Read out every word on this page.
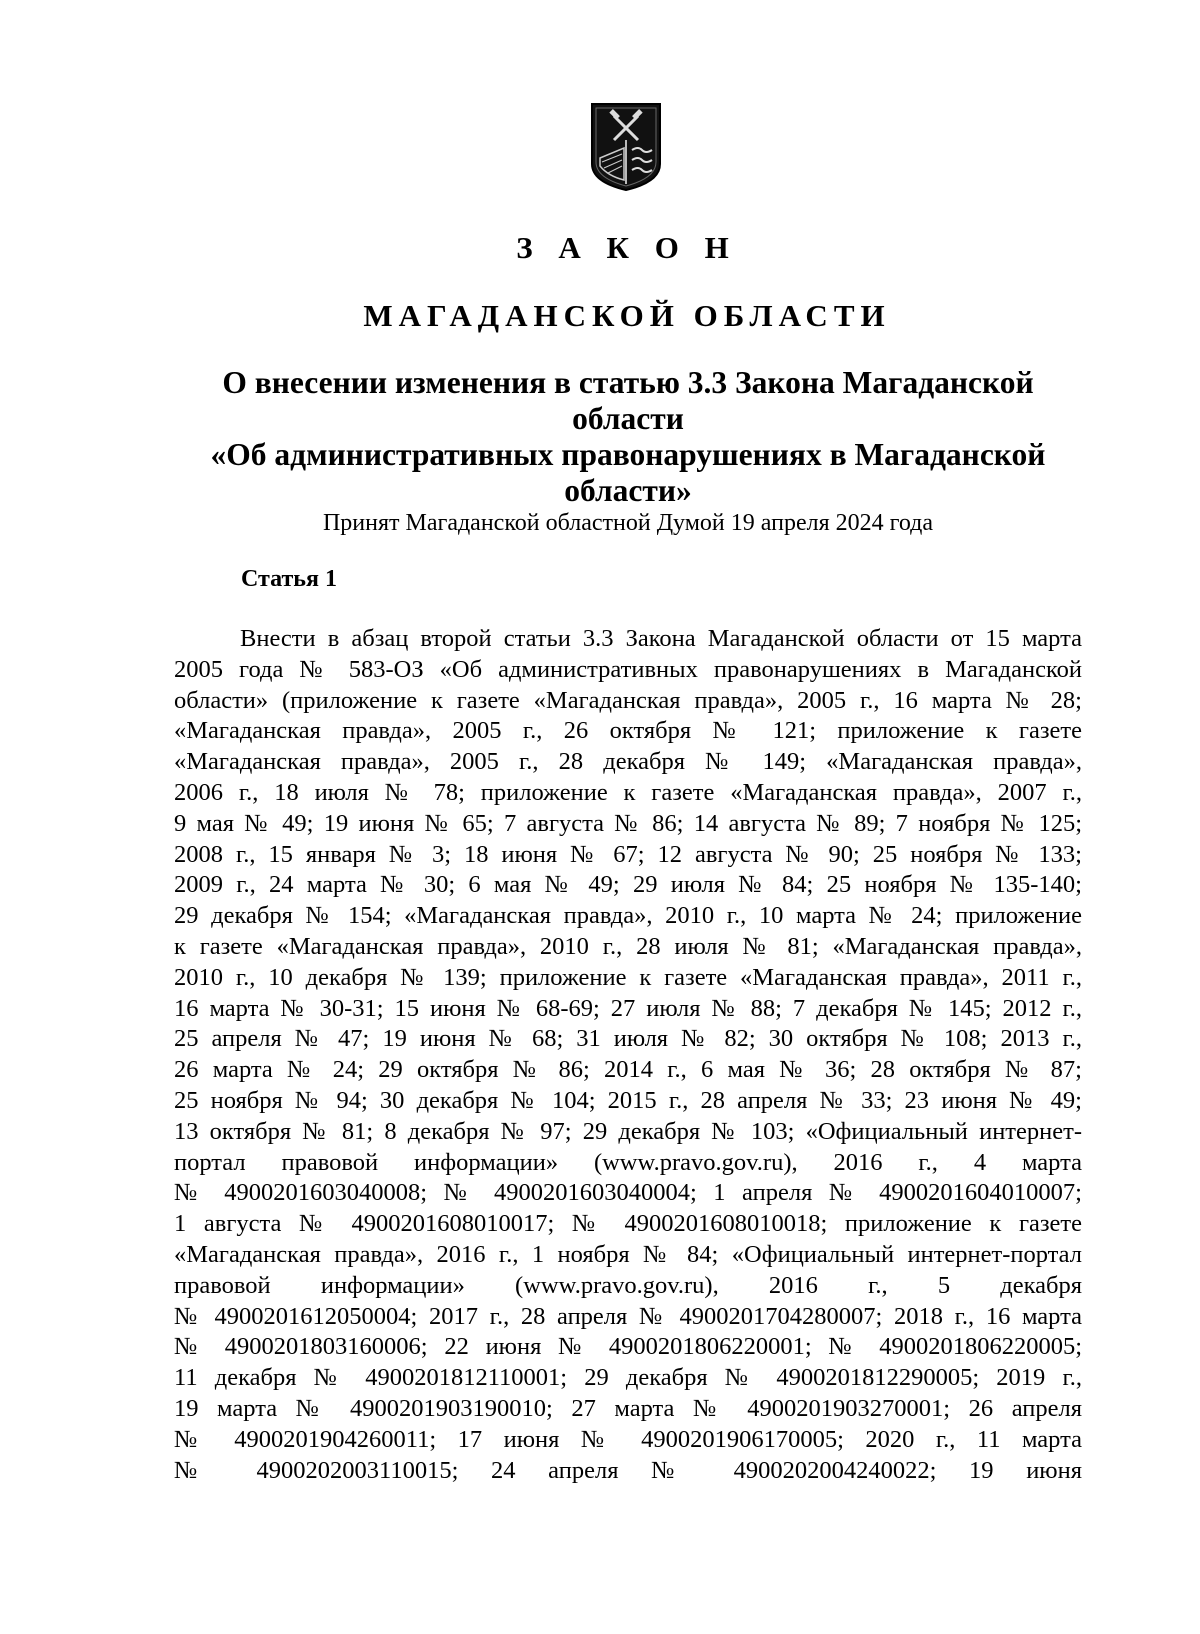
З А К О Н
МАГАДАНСКОЙ ОБЛАСТИ
О внесении изменения в статью 3.3 Закона Магаданской области
«Об административных правонарушениях в Магаданской
области»
Принят Магаданской областной Думой 19 апреля 2024 года
Статья 1
Внести в абзац второй статьи 3.3 Закона Магаданской области от 15 марта
2005 года № 583-ОЗ «Об административных правонарушениях в Магаданской
области» (приложение к газете «Магаданская правда», 2005 г., 16 марта № 28;
«Магаданская правда», 2005 г., 26 октября № 121; приложение к газете
«Магаданская правда», 2005 г., 28 декабря № 149; «Магаданская правда»,
2006 г., 18 июля № 78; приложение к газете «Магаданская правда», 2007 г.,
9 мая № 49; 19 июня № 65; 7 августа № 86; 14 августа № 89; 7 ноября № 125;
2008 г., 15 января № 3; 18 июня № 67; 12 августа № 90; 25 ноября № 133;
2009 г., 24 марта № 30; 6 мая № 49; 29 июля № 84; 25 ноября № 135-140;
29 декабря № 154; «Магаданская правда», 2010 г., 10 марта № 24; приложение
к газете «Магаданская правда», 2010 г., 28 июля № 81; «Магаданская правда»,
2010 г., 10 декабря № 139; приложение к газете «Магаданская правда», 2011 г.,
16 марта № 30-31; 15 июня № 68-69; 27 июля № 88; 7 декабря № 145; 2012 г.,
25 апреля № 47; 19 июня № 68; 31 июля № 82; 30 октября № 108; 2013 г.,
26 марта № 24; 29 октября № 86; 2014 г., 6 мая № 36; 28 октября № 87;
25 ноября № 94; 30 декабря № 104; 2015 г., 28 апреля № 33; 23 июня № 49;
13 октября № 81; 8 декабря № 97; 29 декабря № 103; «Официальный интернет-
портал правовой информации» (www.pravo.gov.ru), 2016 г., 4 марта
№ 4900201603040008; № 4900201603040004; 1 апреля № 4900201604010007;
1 августа № 4900201608010017; № 4900201608010018; приложение к газете
«Магаданская правда», 2016 г., 1 ноября № 84; «Официальный интернет-портал
правовой информации» (www.pravo.gov.ru), 2016 г., 5 декабря
№ 4900201612050004; 2017 г., 28 апреля № 4900201704280007; 2018 г., 16 марта
№ 4900201803160006; 22 июня № 4900201806220001; № 4900201806220005;
11 декабря № 4900201812110001; 29 декабря № 4900201812290005; 2019 г.,
19 марта № 4900201903190010; 27 марта № 4900201903270001; 26 апреля
№ 4900201904260011; 17 июня № 4900201906170005; 2020 г., 11 марта
№ 4900202003110015; 24 апреля № 4900202004240022; 19 июня
